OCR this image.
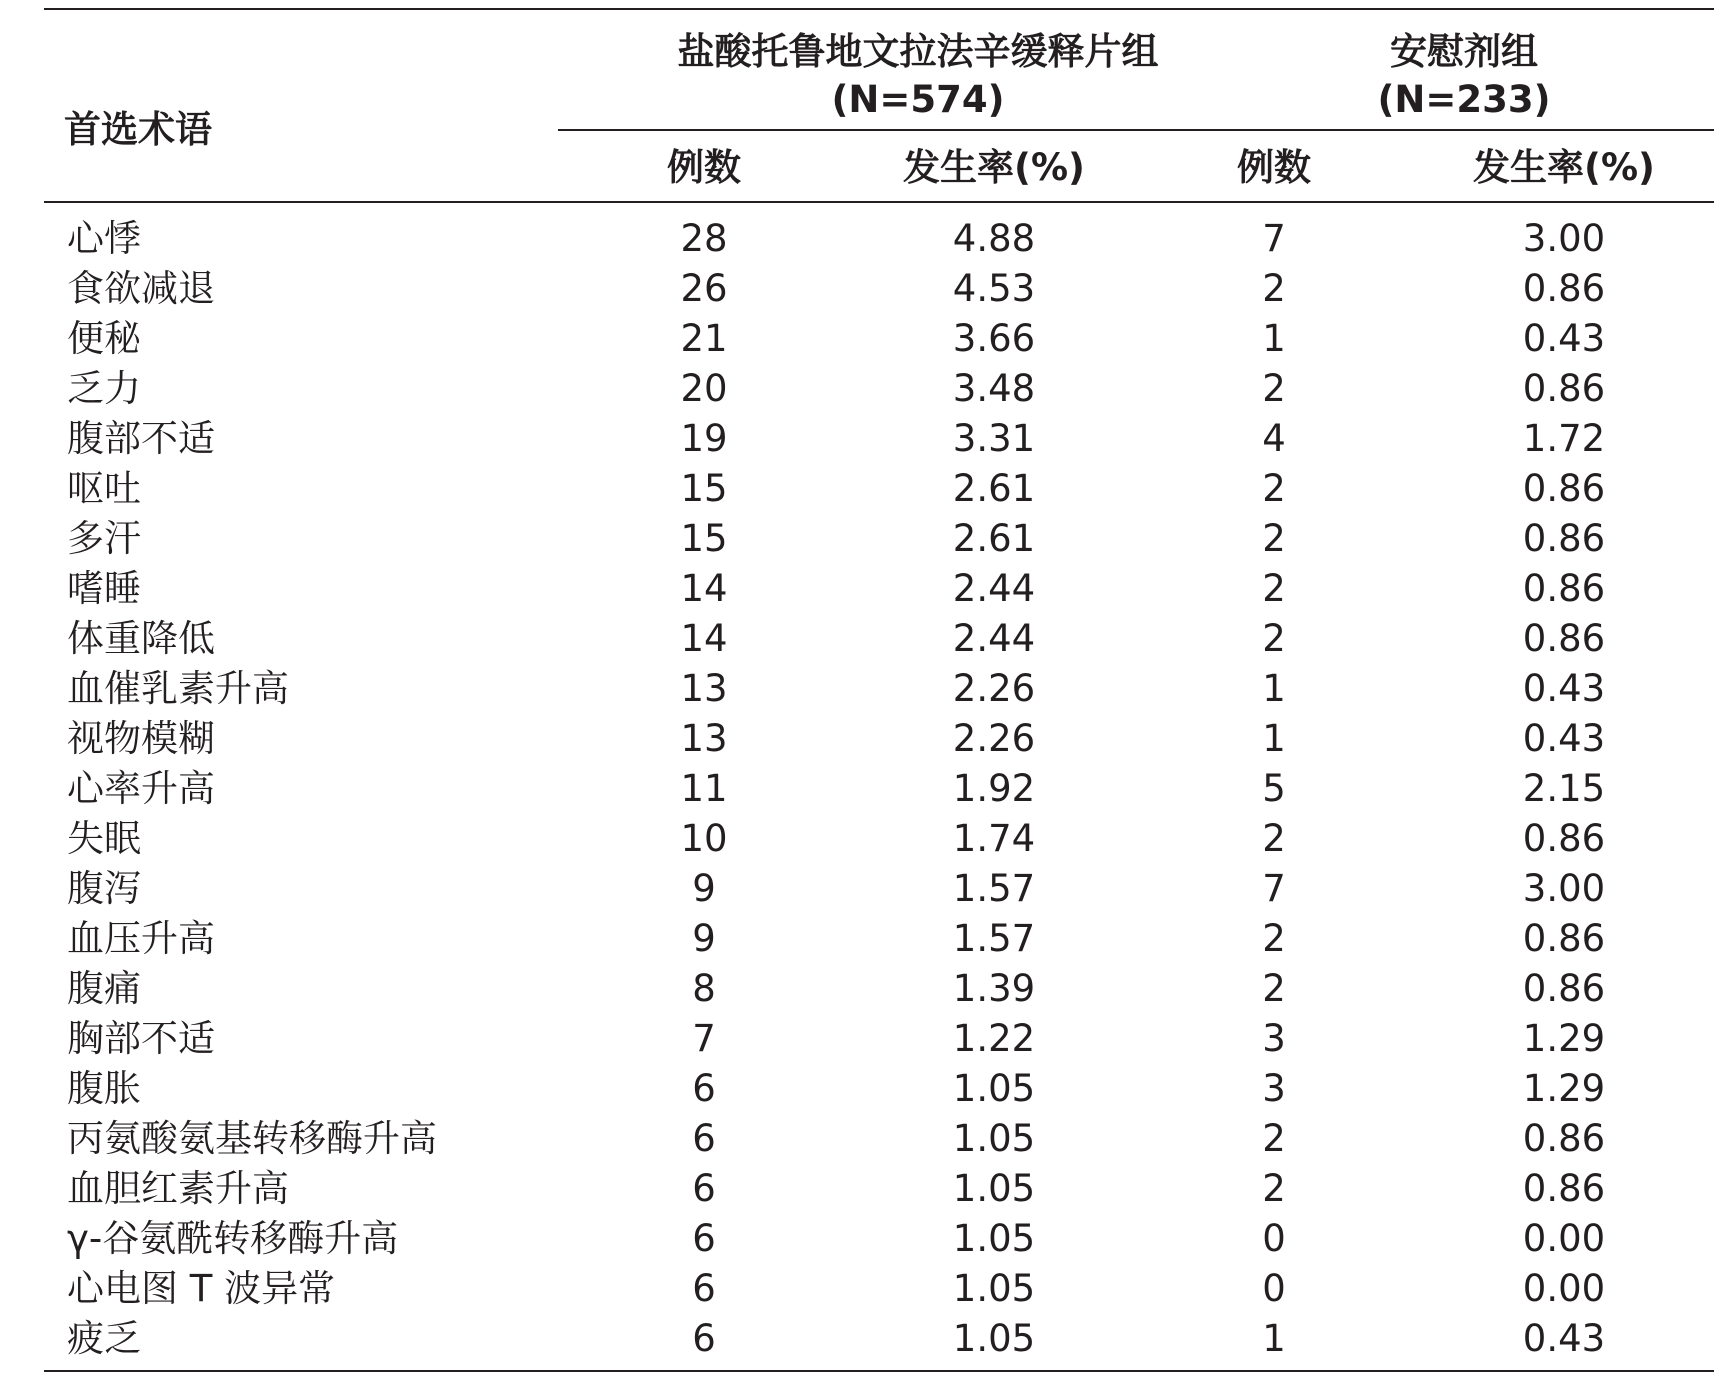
首选术语
盐酸托鲁地文拉法辛缓释片组
(N=574)
安慰剂组
(N=233)
例数	发生率(%)	例数	发生率(%)
心悸	28	4.88	7	3.00
食欲减退	26	4.53	2	0.86
便秘	21	3.66	1	0.43
乏力	20	3.48	2	0.86
腹部不适	19	3.31	4	1.72
呕吐	15	2.61	2	0.86
多汗	15	2.61	2	0.86
嗜睡	14	2.44	2	0.86
体重降低	14	2.44	2	0.86
血催乳素升高	13	2.26	1	0.43
视物模糊	13	2.26	1	0.43
心率升高	11	1.92	5	2.15
失眠	10	1.74	2	0.86
腹泻	9	1.57	7	3.00
血压升高	9	1.57	2	0.86
腹痛	8	1.39	2	0.86
胸部不适	7	1.22	3	1.29
腹胀	6	1.05	3	1.29
丙氨酸氨基转移酶升高	6	1.05	2	0.86
血胆红素升高	6	1.05	2	0.86
γ-谷氨酰转移酶升高	6	1.05	0	0.00
心电图 T 波异常	6	1.05	0	0.00
疲乏	6	1.05	1	0.43
